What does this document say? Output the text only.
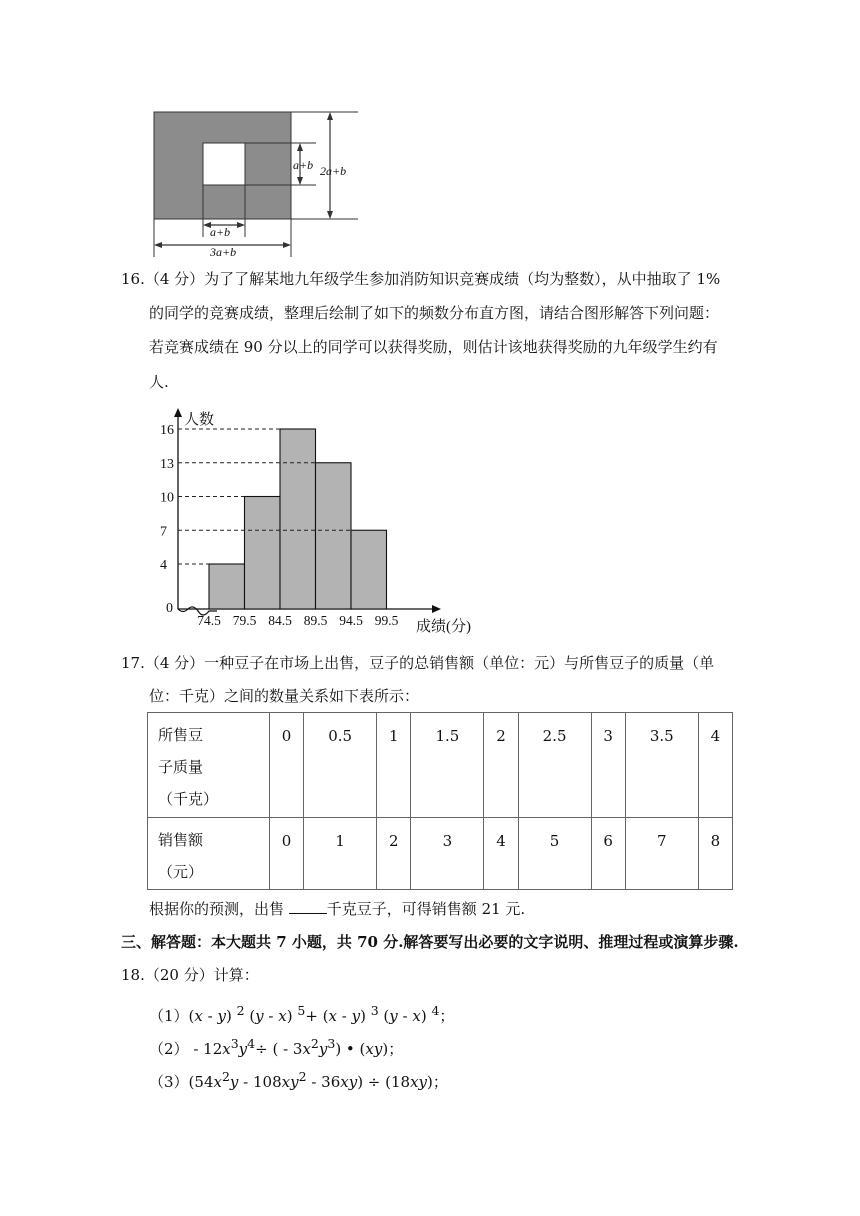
a+b 2a+b
a+b
3a+b
16.（4 分）为了了解某地九年级学生参加消防知识竞赛成绩（均为整数），从中抽取了 1%
的同学的竞赛成绩，整理后绘制了如下的频数分布直方图，请结合图形解答下列问题：
若竞赛成绩在 90 分以上的同学可以获得奖励，则估计该地获得奖励的九年级学生约有
人.
0
4
7
10
13
16
74.5 79.5 84.5 89.5 94.5 99.5
人数
成绩(分)
17.（4 分）一种豆子在市场上出售，豆子的总销售额（单位：元）与所售豆子的质量（单
位：千克）之间的数量关系如下表所示：
所售豆
子质量
（千克）	0	0.5	1	1.5	2	2.5	3	3.5	4

销售额
（元）	0	1	2	3	4	5	6	7	8
根据你的预测，出售	千克豆子，可得销售额 21 元.
三、解答题：本大题共 7 小题，共 70 分.解答要写出必要的文字说明、推理过程或演算步骤.
18.（20 分）计算：
（1）(x ‑ y) $^2$ (y ‑ x) $^5$+ (x ‑ y) $^3$ (y ‑ x) $^4$；
（2） ‑ $12x^3y^4\div$ ( ‑ $3x^2y^3$) • (xy)；
$(3)(54x^2y$ ‑ $108xy^2$ ‑ 36xy) ÷ (18xy)；
